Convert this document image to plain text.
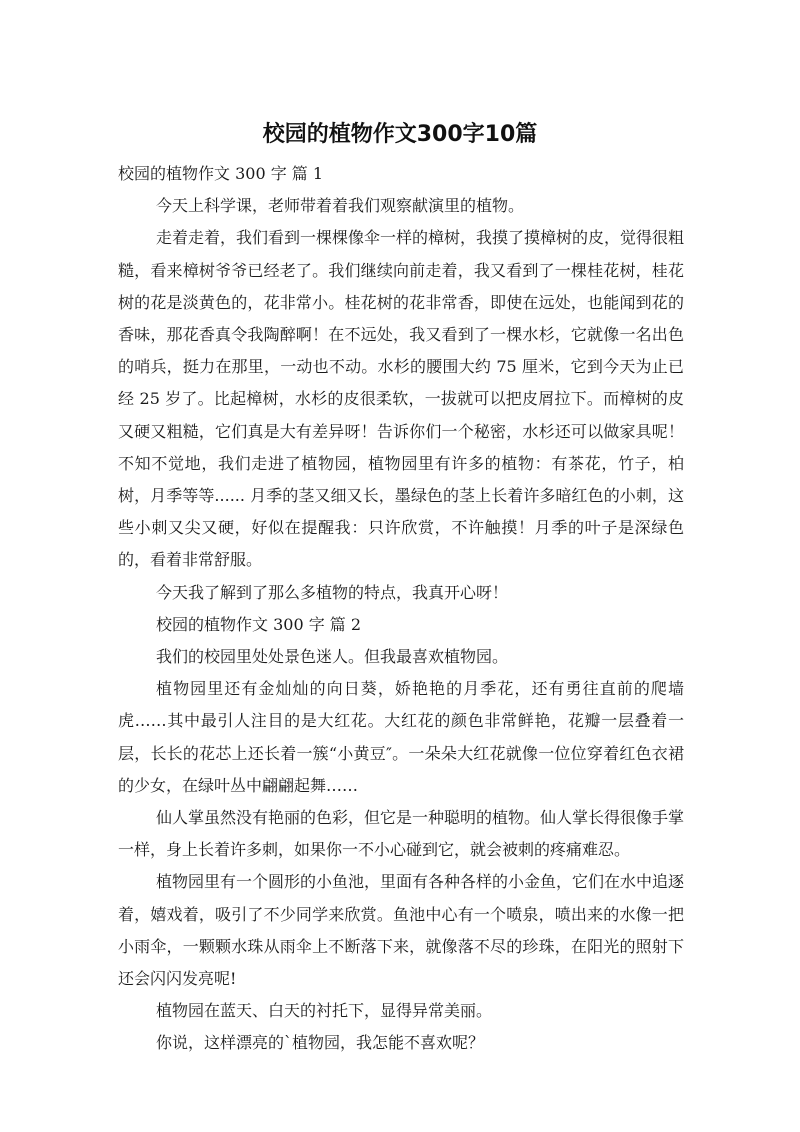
校园的植物作文300字10篇

校园的植物作文 300 字 篇 1

今天上科学课，老师带着着我们观察献演里的植物。

走着走着，我们看到一棵棵像伞一样的樟树，我摸了摸樟树的皮，觉得很粗糙，看来樟树爷爷已经老了。我们继续向前走着，我又看到了一棵桂花树，桂花树的花是淡黄色的，花非常小。桂花树的花非常香，即使在远处，也能闻到花的香味，那花香真令我陶醉啊！在不远处，我又看到了一棵水杉，它就像一名出色的哨兵，挺力在那里，一动也不动。水杉的腰围大约 75 厘米，它到今天为止已经 25 岁了。比起樟树，水杉的皮很柔软，一拔就可以把皮屑拉下。而樟树的皮又硬又粗糙，它们真是大有差异呀！告诉你们一个秘密，水杉还可以做家具呢！不知不觉地，我们走进了植物园，植物园里有许多的植物：有茶花，竹子，柏树，月季等等...... 月季的茎又细又长，墨绿色的茎上长着许多暗红色的小刺，这些小刺又尖又硬，好似在提醒我：只许欣赏，不许触摸！月季的叶子是深绿色的，看着非常舒服。

今天我了解到了那么多植物的特点，我真开心呀！

校园的植物作文 300 字 篇 2

我们的校园里处处景色迷人。但我最喜欢植物园。

植物园里还有金灿灿的向日葵，娇艳艳的月季花，还有勇往直前的爬墙虎……其中最引人注目的是大红花。大红花的颜色非常鲜艳，花瓣一层叠着一层，长长的花芯上还长着一簇“小黄豆″。一朵朵大红花就像一位位穿着红色衣裙的少女，在绿叶丛中翩翩起舞……

仙人掌虽然没有艳丽的色彩，但它是一种聪明的植物。仙人掌长得很像手掌一样，身上长着许多刺，如果你一不小心碰到它，就会被刺的疼痛难忍。

植物园里有一个圆形的小鱼池，里面有各种各样的小金鱼，它们在水中追逐着，嬉戏着，吸引了不少同学来欣赏。鱼池中心有一个喷泉，喷出来的水像一把小雨伞，一颗颗水珠从雨伞上不断落下来，就像落不尽的珍珠，在阳光的照射下还会闪闪发亮呢!

植物园在蓝天、白天的衬托下，显得异常美丽。

你说，这样漂亮的`植物园，我怎能不喜欢呢？
